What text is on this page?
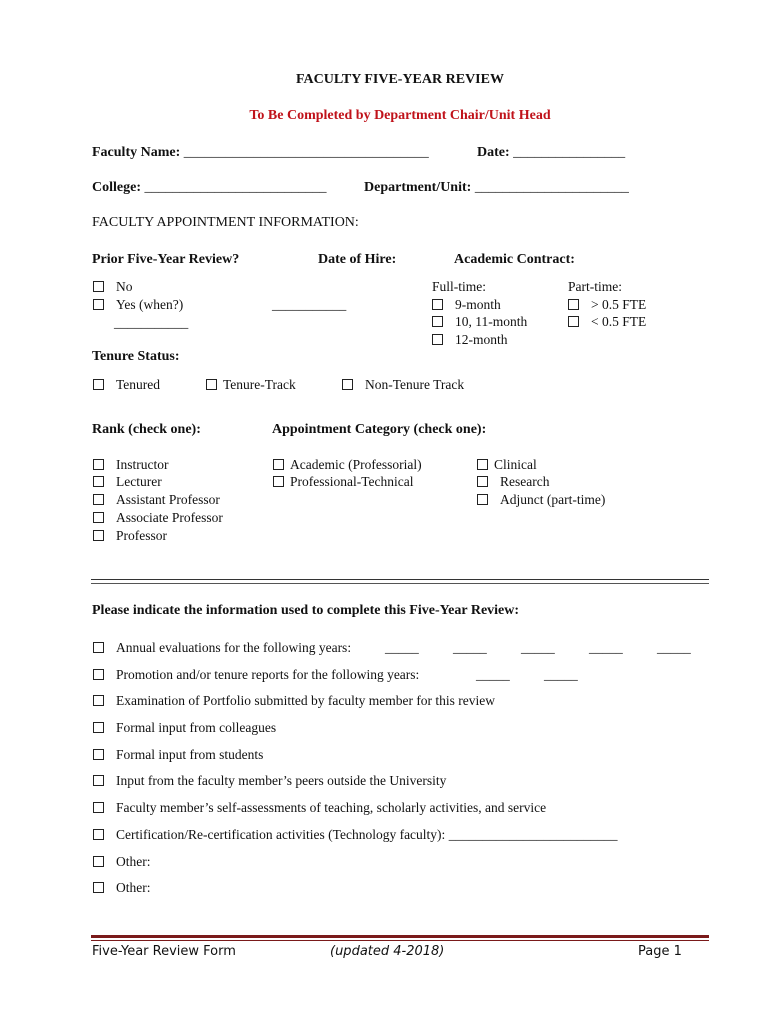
FACULTY FIVE-YEAR REVIEW
To Be Completed by Department Chair/Unit Head
Faculty Name: ___________________________________	Date: ________________
College: __________________________	Department/Unit: ______________________
FACULTY APPOINTMENT INFORMATION:
Prior Five-Year Review?	Date of Hire:	Academic Contract:
No
Yes (when?)
___________
___________
Full-time:
9-month
10, 11-month
12-month
Part-time:
> 0.5 FTE
< 0.5 FTE
Tenure Status:
Tenured	Tenure-Track	Non-Tenure Track
Rank (check one):	Appointment Category (check one):
Instructor
Lecturer
Assistant Professor
Associate Professor
Professor
Academic (Professorial)
Professional-Technical
Clinical
Research
Adjunct (part-time)
Please indicate the information used to complete this Five-Year Review:
Annual evaluations for the following years:	_____	_____	_____	_____	_____
Promotion and/or tenure reports for the following years:	_____	_____
Examination of Portfolio submitted by faculty member for this review
Formal input from colleagues
Formal input from students
Input from the faculty member’s peers outside the University
Faculty member’s self-assessments of teaching, scholarly activities, and service
Certification/Re-certification activities (Technology faculty): _________________________
Other:
Other:
Five-Year Review Form	(updated 4-2018)	Page 1
